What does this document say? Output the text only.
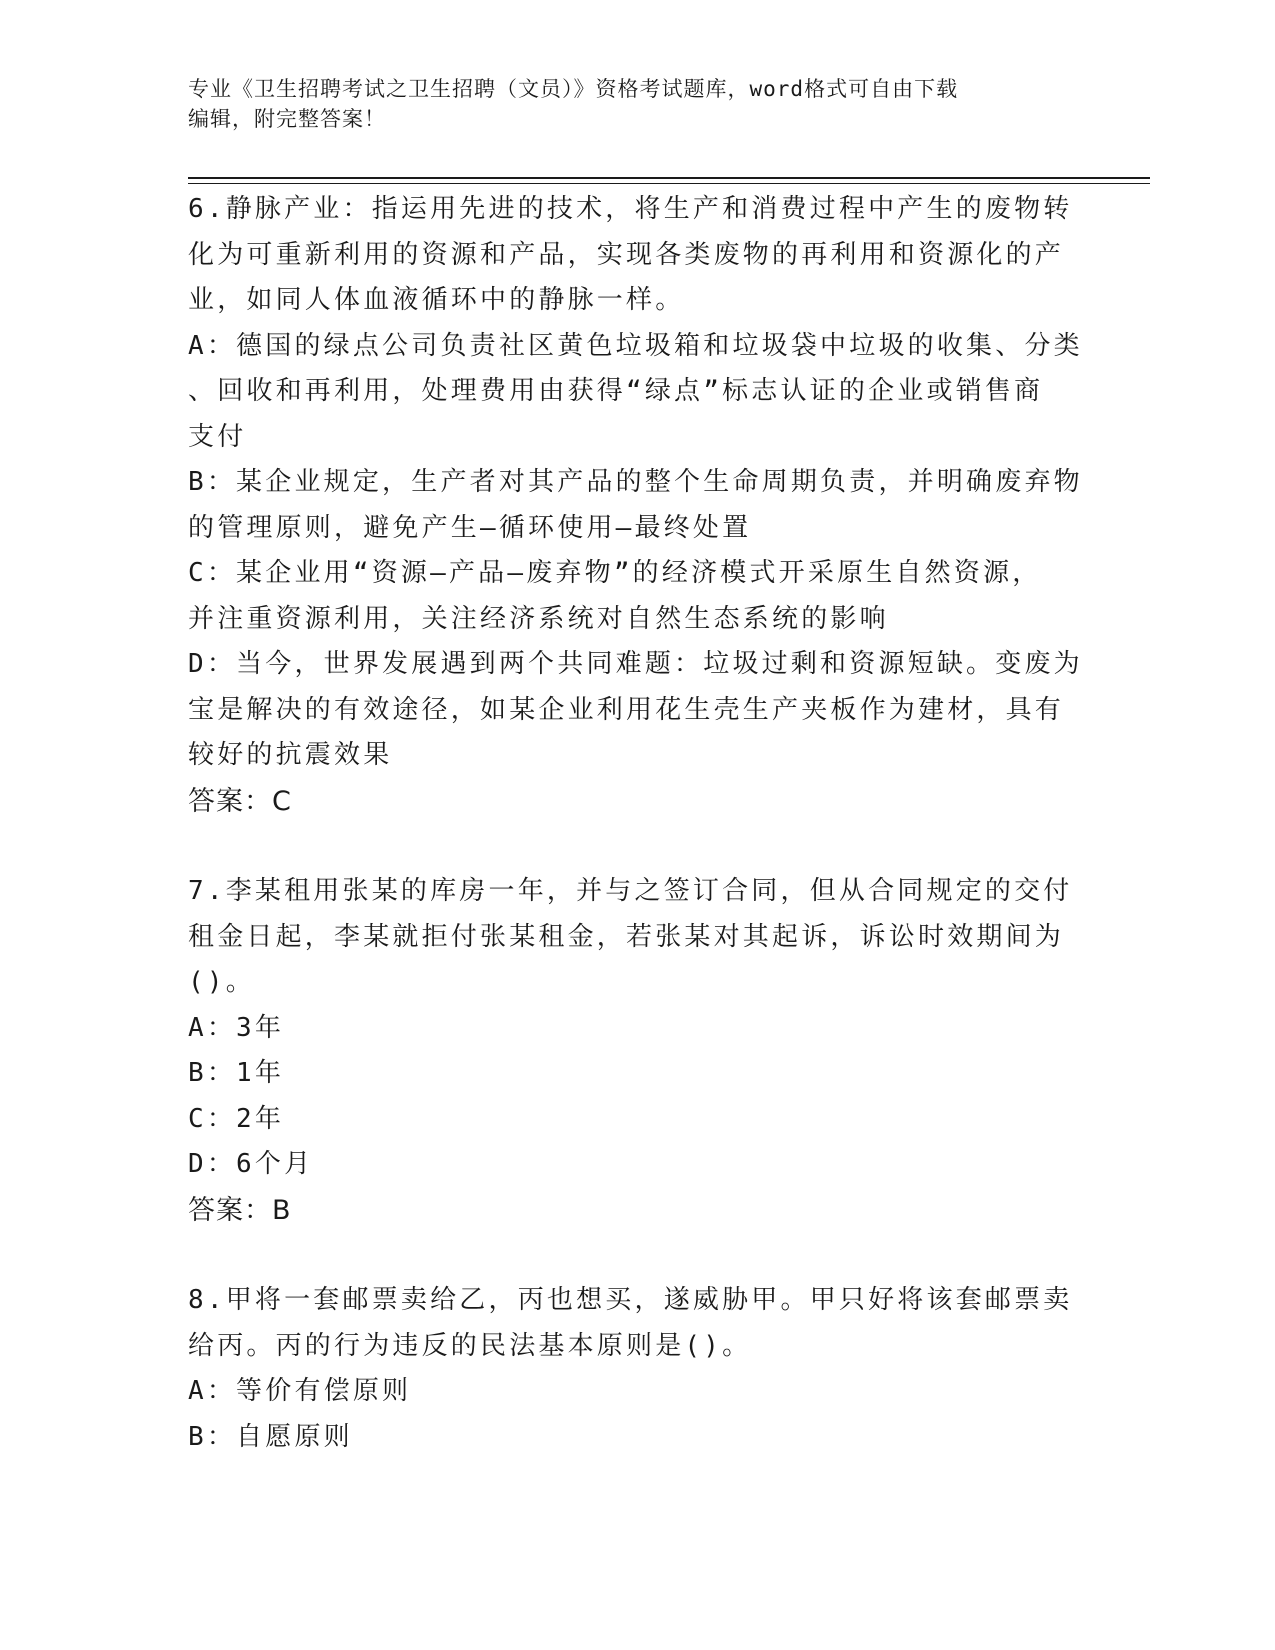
专业《卫生招聘考试之卫生招聘（文员）》资格考试题库，word格式可自由下载
编辑，附完整答案！
6.静脉产业：指运用先进的技术，将生产和消费过程中产生的废物转
化为可重新利用的资源和产品，实现各类废物的再利用和资源化的产
业，如同人体血液循环中的静脉一样。
A：德国的绿点公司负责社区黄色垃圾箱和垃圾袋中垃圾的收集、分类
、回收和再利用，处理费用由获得“绿点”标志认证的企业或销售商
支付
B：某企业规定，生产者对其产品的整个生命周期负责，并明确废弃物
的管理原则，避免产生—循环使用—最终处置
C：某企业用“资源—产品—废弃物”的经济模式开采原生自然资源，
并注重资源利用，关注经济系统对自然生态系统的影响
D：当今，世界发展遇到两个共同难题：垃圾过剩和资源短缺。变废为
宝是解决的有效途径，如某企业利用花生壳生产夹板作为建材，具有
较好的抗震效果
答案：C
7.李某租用张某的库房一年，并与之签订合同，但从合同规定的交付
租金日起，李某就拒付张某租金，若张某对其起诉，诉讼时效期间为
()。
A：3年
B：1年
C：2年
D：6个月
答案：B
8.甲将一套邮票卖给乙，丙也想买，遂威胁甲。甲只好将该套邮票卖
给丙。丙的行为违反的民法基本原则是()。
A：等价有偿原则
B：自愿原则
